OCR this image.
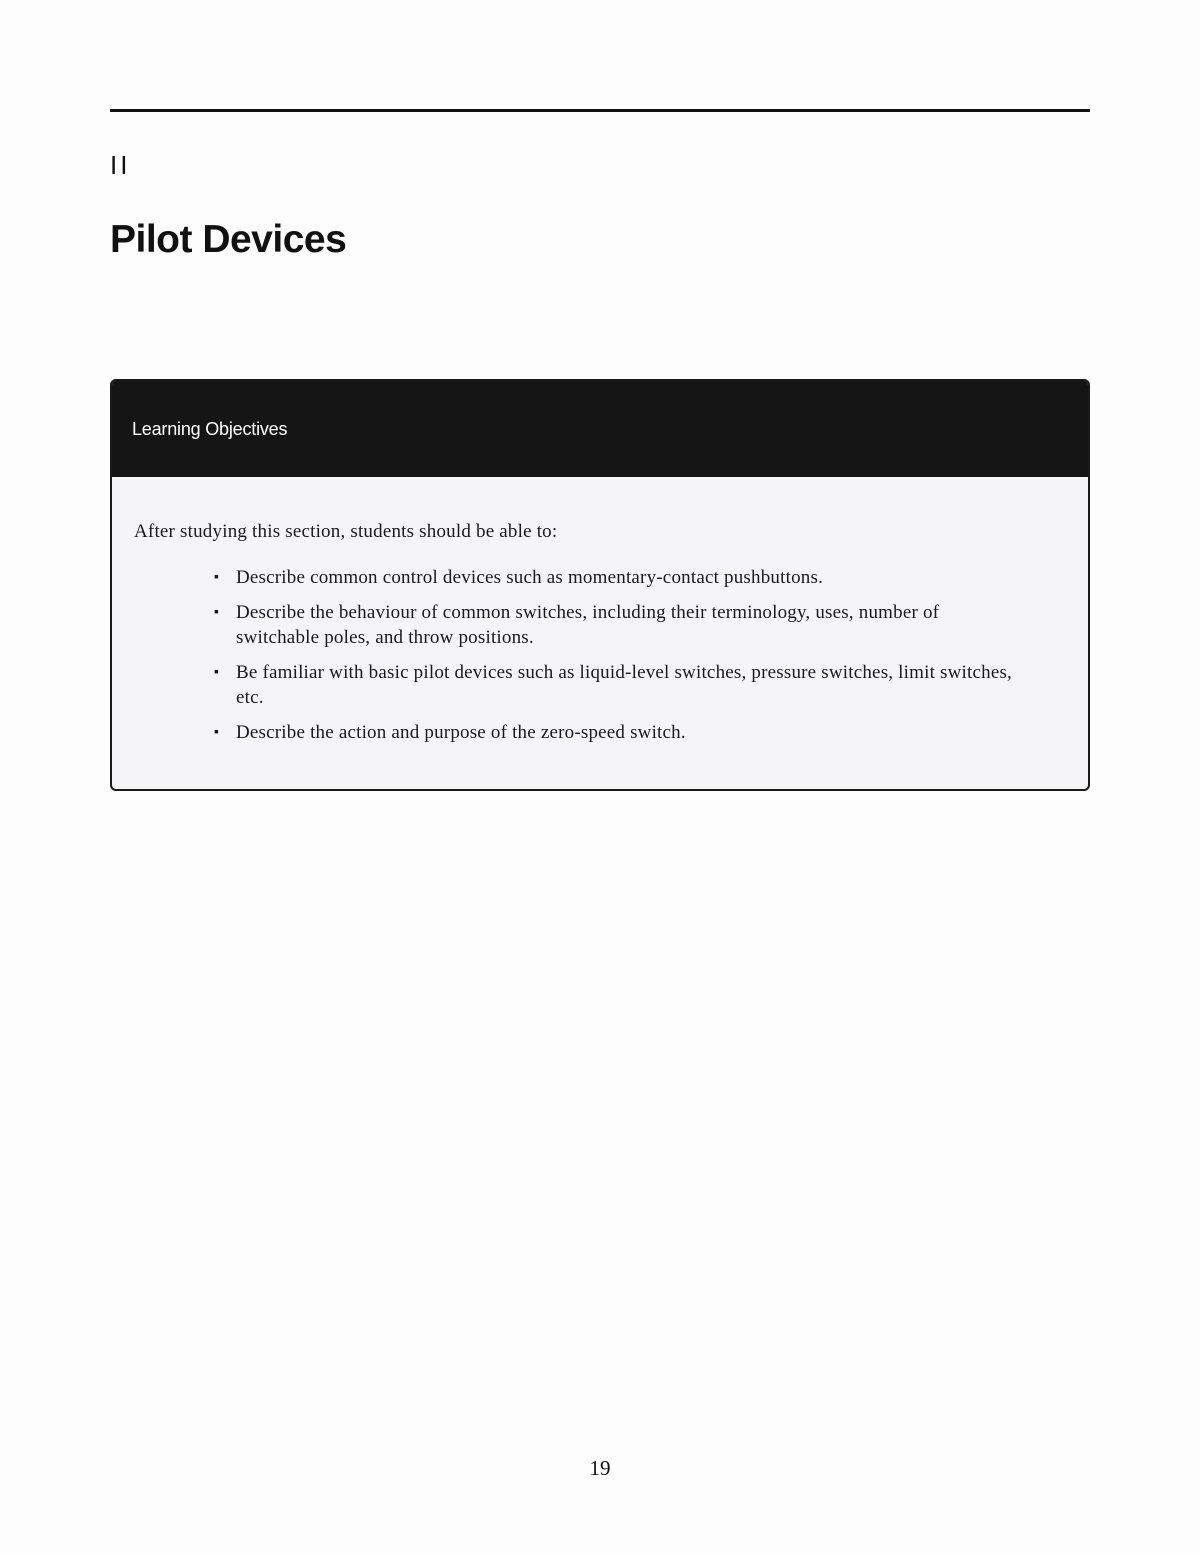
II
Pilot Devices
Learning Objectives

After studying this section, students should be able to:

▪ Describe common control devices such as momentary-contact pushbuttons.
▪ Describe the behaviour of common switches, including their terminology, uses, number of switchable poles, and throw positions.
▪ Be familiar with basic pilot devices such as liquid-level switches, pressure switches, limit switches, etc.
▪ Describe the action and purpose of the zero-speed switch.
19
